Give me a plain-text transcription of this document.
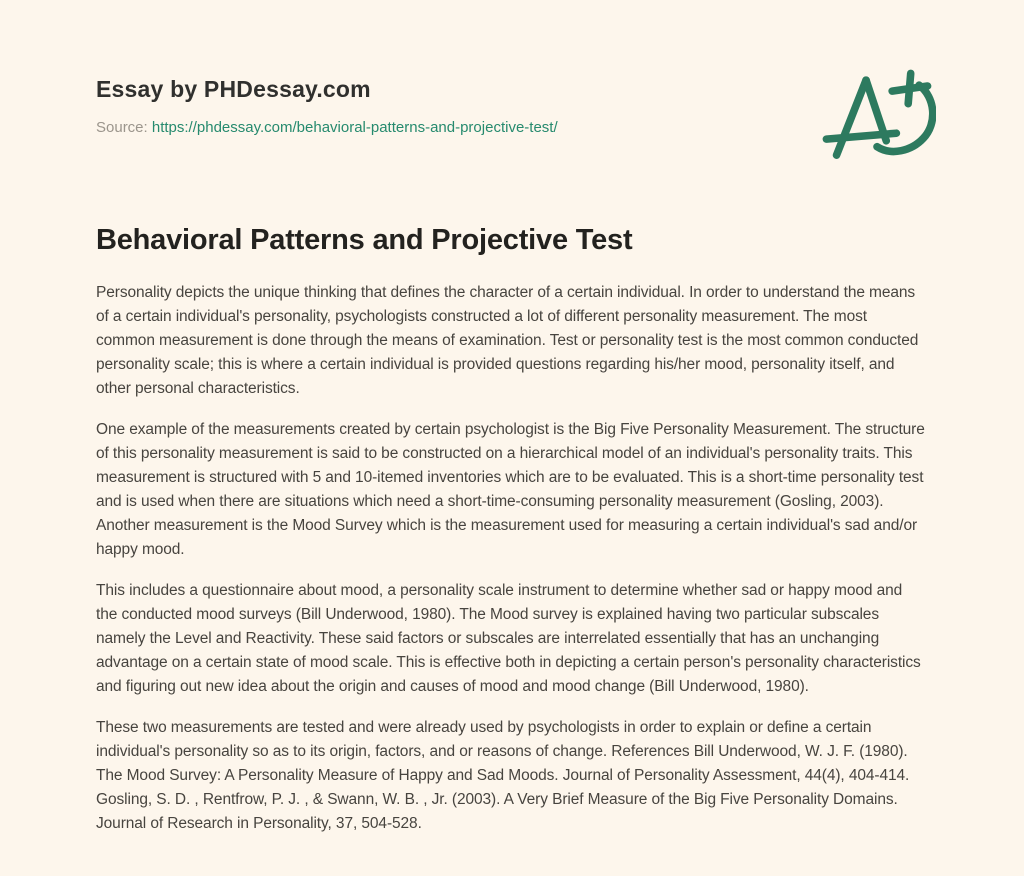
Essay by PHDessay.com
Source: https://phdessay.com/behavioral-patterns-and-projective-test/
Behavioral Patterns and Projective Test

Personality depicts the unique thinking that defines the character of a certain individual. In order to understand the means of a certain individual's personality, psychologists constructed a lot of different personality measurement. The most common measurement is done through the means of examination. Test or personality test is the most common conducted personality scale; this is where a certain individual is provided questions regarding his/her mood, personality itself, and other personal characteristics.

One example of the measurements created by certain psychologist is the Big Five Personality Measurement. The structure of this personality measurement is said to be constructed on a hierarchical model of an individual's personality traits. This measurement is structured with 5 and 10-itemed inventories which are to be evaluated. This is a short-time personality test and is used when there are situations which need a short-time-consuming personality measurement (Gosling, 2003). Another measurement is the Mood Survey which is the measurement used for measuring a certain individual's sad and/or happy mood.

This includes a questionnaire about mood, a personality scale instrument to determine whether sad or happy mood and the conducted mood surveys (Bill Underwood, 1980). The Mood survey is explained having two particular subscales namely the Level and Reactivity. These said factors or subscales are interrelated essentially that has an unchanging advantage on a certain state of mood scale. This is effective both in depicting a certain person's personality characteristics and figuring out new idea about the origin and causes of mood and mood change (Bill Underwood, 1980).

These two measurements are tested and were already used by psychologists in order to explain or define a certain individual's personality so as to its origin, factors, and or reasons of change. References Bill Underwood, W. J. F. (1980). The Mood Survey: A Personality Measure of Happy and Sad Moods. Journal of Personality Assessment, 44(4), 404-414. Gosling, S. D. , Rentfrow, P. J. , & Swann, W. B. , Jr. (2003). A Very Brief Measure of the Big Five Personality Domains. Journal of Research in Personality, 37, 504-528.
